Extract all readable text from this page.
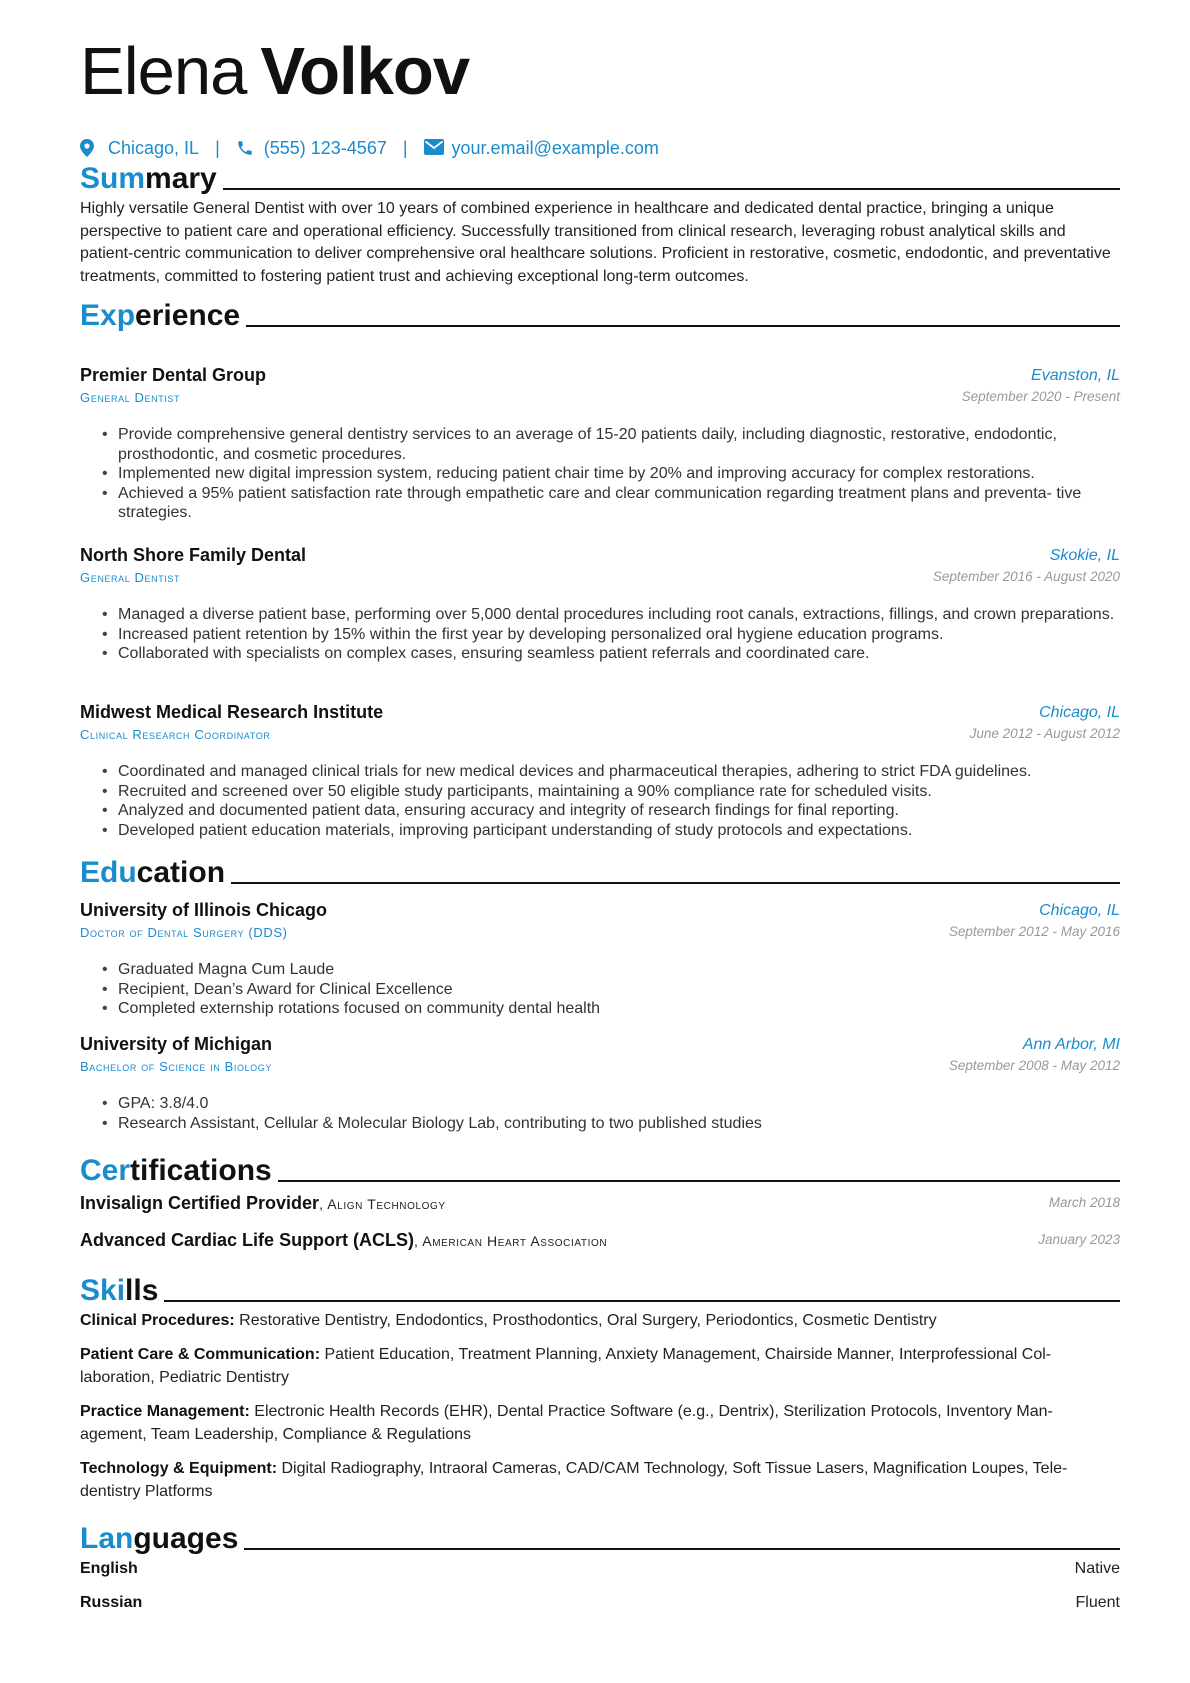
Elena Volkov
Chicago, IL | (555) 123-4567 | your.email@example.com
Summary
Highly versatile General Dentist with over 10 years of combined experience in healthcare and dedicated dental practice, bringing a unique perspective to patient care and operational efficiency. Successfully transitioned from clinical research, leveraging robust analytical skills and patient-centric communication to deliver comprehensive oral healthcare solutions. Proficient in restorative, cosmetic, endodontic, and preventative treatments, committed to fostering patient trust and achieving exceptional long-term outcomes.
Experience
Premier Dental Group	Evanston, IL
General Dentist	September 2020 - Present
• Provide comprehensive general dentistry services to an average of 15-20 patients daily, including diagnostic, restorative, endodontic, prosthodontic, and cosmetic procedures.
• Implemented new digital impression system, reducing patient chair time by 20% and improving accuracy for complex restorations.
• Achieved a 95% patient satisfaction rate through empathetic care and clear communication regarding treatment plans and preventa- tive strategies.
North Shore Family Dental	Skokie, IL
General Dentist	September 2016 - August 2020
• Managed a diverse patient base, performing over 5,000 dental procedures including root canals, extractions, fillings, and crown preparations.
• Increased patient retention by 15% within the first year by developing personalized oral hygiene education programs.
• Collaborated with specialists on complex cases, ensuring seamless patient referrals and coordinated care.
Midwest Medical Research Institute	Chicago, IL
Clinical Research Coordinator	June 2012 - August 2012
• Coordinated and managed clinical trials for new medical devices and pharmaceutical therapies, adhering to strict FDA guidelines.
• Recruited and screened over 50 eligible study participants, maintaining a 90% compliance rate for scheduled visits.
• Analyzed and documented patient data, ensuring accuracy and integrity of research findings for final reporting.
• Developed patient education materials, improving participant understanding of study protocols and expectations.
Education
University of Illinois Chicago	Chicago, IL
Doctor of Dental Surgery (DDS)	September 2012 - May 2016
• Graduated Magna Cum Laude
• Recipient, Dean’s Award for Clinical Excellence
• Completed externship rotations focused on community dental health
University of Michigan	Ann Arbor, MI
Bachelor of Science in Biology	September 2008 - May 2012
• GPA: 3.8/4.0
• Research Assistant, Cellular & Molecular Biology Lab, contributing to two published studies
Certifications
Invisalign Certified Provider, Align Technology	March 2018
Advanced Cardiac Life Support (ACLS), American Heart Association	January 2023
Skills
Clinical Procedures: Restorative Dentistry, Endodontics, Prosthodontics, Oral Surgery, Periodontics, Cosmetic Dentistry
Patient Care & Communication: Patient Education, Treatment Planning, Anxiety Management, Chairside Manner, Interprofessional Col- laboration, Pediatric Dentistry
Practice Management: Electronic Health Records (EHR), Dental Practice Software (e.g., Dentrix), Sterilization Protocols, Inventory Man- agement, Team Leadership, Compliance & Regulations
Technology & Equipment: Digital Radiography, Intraoral Cameras, CAD/CAM Technology, Soft Tissue Lasers, Magnification Loupes, Tele- dentistry Platforms
Languages
English	Native
Russian	Fluent
